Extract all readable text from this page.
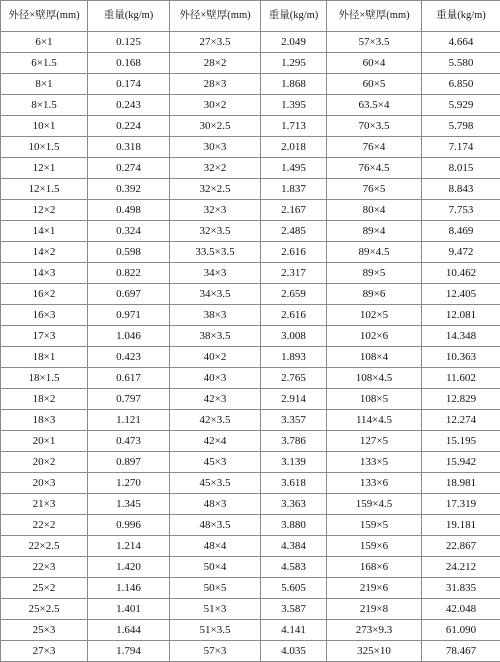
外径×壁厚(mm)	重量(kg/m)	外径×壁厚(mm)	重量(kg/m)	外径×壁厚(mm)	重量(kg/m)
6×1	0.125	27×3.5	2.049	57×3.5	4.664
6×1.5	0.168	28×2	1.295	60×4	5.580
8×1	0.174	28×3	1.868	60×5	6.850
8×1.5	0.243	30×2	1.395	63.5×4	5.929
10×1	0.224	30×2.5	1.713	70×3.5	5.798
10×1.5	0.318	30×3	2.018	76×4	7.174
12×1	0.274	32×2	1.495	76×4.5	8.015
12×1.5	0.392	32×2.5	1.837	76×5	8.843
12×2	0.498	32×3	2.167	80×4	7.753
14×1	0.324	32×3.5	2.485	89×4	8.469
14×2	0.598	33.5×3.5	2.616	89×4.5	9.472
14×3	0.822	34×3	2.317	89×5	10.462
16×2	0.697	34×3.5	2.659	89×6	12.405
16×3	0.971	38×3	2.616	102×5	12.081
17×3	1.046	38×3.5	3.008	102×6	14.348
18×1	0.423	40×2	1.893	108×4	10.363
18×1.5	0.617	40×3	2.765	108×4.5	11.602
18×2	0.797	42×3	2.914	108×5	12.829
18×3	1.121	42×3.5	3.357	114×4.5	12.274
20×1	0.473	42×4	3.786	127×5	15.195
20×2	0.897	45×3	3.139	133×5	15.942
20×3	1.270	45×3.5	3.618	133×6	18.981
21×3	1.345	48×3	3.363	159×4.5	17.319
22×2	0.996	48×3.5	3.880	159×5	19.181
22×2.5	1.214	48×4	4.384	159×6	22.867
22×3	1.420	50×4	4.583	168×6	24.212
25×2	1.146	50×5	5.605	219×6	31.835
25×2.5	1.401	51×3	3.587	219×8	42.048
25×3	1.644	51×3.5	4.141	273×9.3	61.090
27×3	1.794	57×3	4.035	325×10	78.467
